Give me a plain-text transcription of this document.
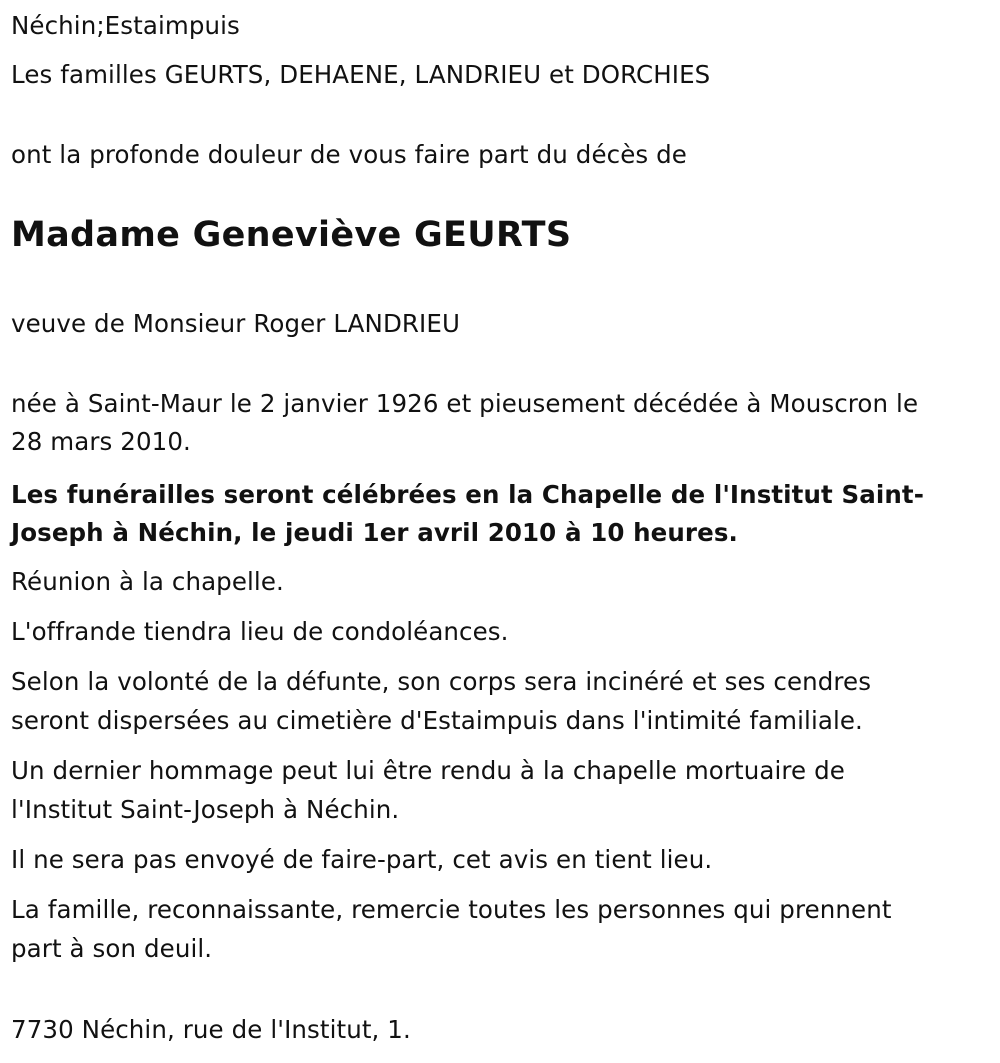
Néchin;Estaimpuis
Les familles GEURTS, DEHAENE, LANDRIEU et DORCHIES
ont la profonde douleur de vous faire part du décès de
Madame Geneviève GEURTS
veuve de Monsieur Roger LANDRIEU
née à Saint-Maur le 2 janvier 1926 et pieusement décédée à Mouscron le
28 mars 2010.
Les funérailles seront célébrées en la Chapelle de l'Institut Saint-
Joseph à Néchin, le jeudi 1er avril 2010 à 10 heures.
Réunion à la chapelle.
L'offrande tiendra lieu de condoléances.
Selon la volonté de la défunte, son corps sera incinéré et ses cendres
seront dispersées au cimetière d'Estaimpuis dans l'intimité familiale.
Un dernier hommage peut lui être rendu à la chapelle mortuaire de
l'Institut Saint-Joseph à Néchin.
Il ne sera pas envoyé de faire-part, cet avis en tient lieu.
La famille, reconnaissante, remercie toutes les personnes qui prennent
part à son deuil.
7730 Néchin, rue de l'Institut, 1.
